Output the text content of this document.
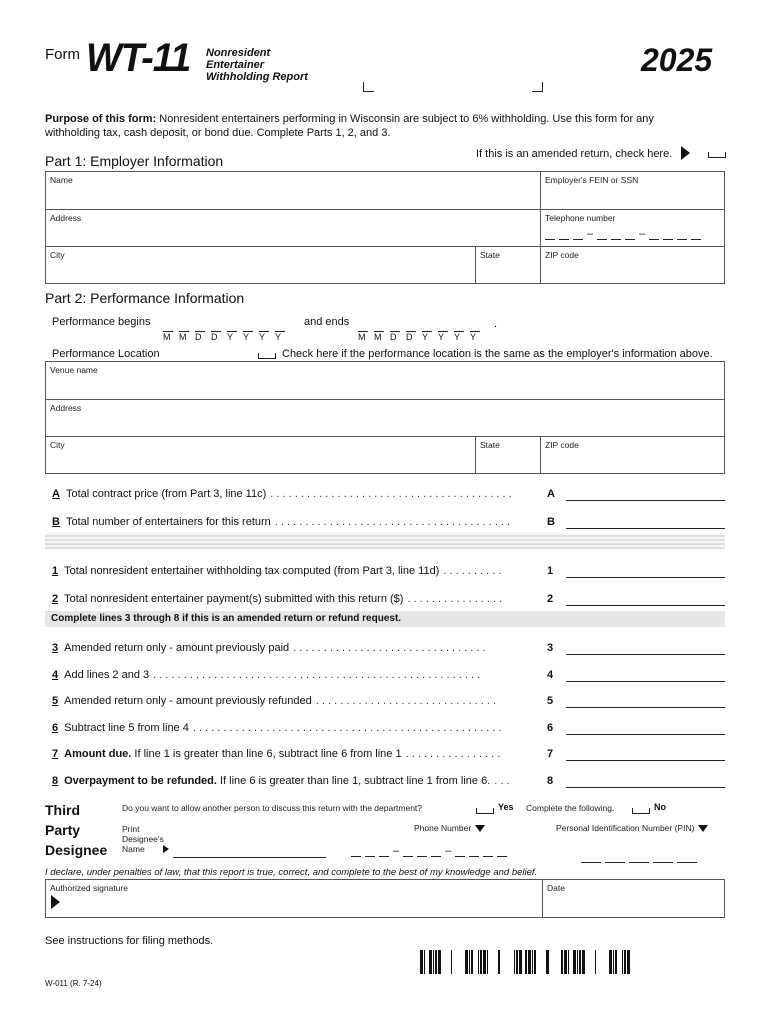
Form WT-11 Nonresident
Entertainer
Withholding Report	2025
Purpose of this form: Nonresident entertainers performing in Wisconsin are subject to 6% withholding. Use this form for any
withholding tax, cash deposit, or bond due. Complete Parts 1, 2, and 3.
Part 1: Employer Information	If this is an amended return, check here.
Name	Employer's FEIN or SSN
Address	Telephone number
–	–
City	State	ZIP code
Part 2: Performance Information
Performance begins
M M D D Y Y Y Y
and ends
M M D D Y Y Y Y
.
Performance Location	Check here if the performance location is the same as the employer's information above.
Venue name
Address
City	State	ZIP code
A Total contract price (from Part 3, line 11c) . . . . . . . . . . . . . . . . . . . . . . . . . . . . . . . . . . . . . . . .	A
B Total number of entertainers for this return . . . . . . . . . . . . . . . . . . . . . . . . . . . . . . . . . . . . . . .	B
1 Total nonresident entertainer withholding tax computed (from Part 3, line 11d) . . . . . . . . . .	1
2 Total nonresident entertainer payment(s) submitted with this return ($) . . . . . . . . . . . . . . . .	2
Complete lines 3 through 8 if this is an amended return or refund request.
3 Amended return only - amount previously paid . . . . . . . . . . . . . . . . . . . . . . . . . . . . . . . .	3
4 Add lines 2 and 3 . . . . . . . . . . . . . . . . . . . . . . . . . . . . . . . . . . . . . . . . . . . . . . . . . . . . . .	4
5 Amended return only - amount previously refunded . . . . . . . . . . . . . . . . . . . . . . . . . . . . . .	5
6 Subtract line 5 from line 4 . . . . . . . . . . . . . . . . . . . . . . . . . . . . . . . . . . . . . . . . . . . . . . . . . . .	6
7 Amount due. If line 1 is greater than line 6, subtract line 6 from line 1 . . . . . . . . . . . . . . . .	7
8 Overpayment to be refunded. If line 6 is greater than line 1, subtract line 1 from line 6. . . .	8
Third
Party
Designee
Do you want to allow another person to discuss this return with the department?	Yes Complete the following.	No
Print
Designee's
Name
Phone Number
–	–
Personal Identification Number (PIN)
I declare, under penalties of law, that this report is true, correct, and complete to the best of my knowledge and belief.
Authorized signature	Date
See instructions for filing methods.
W-011 (R. 7-24)
